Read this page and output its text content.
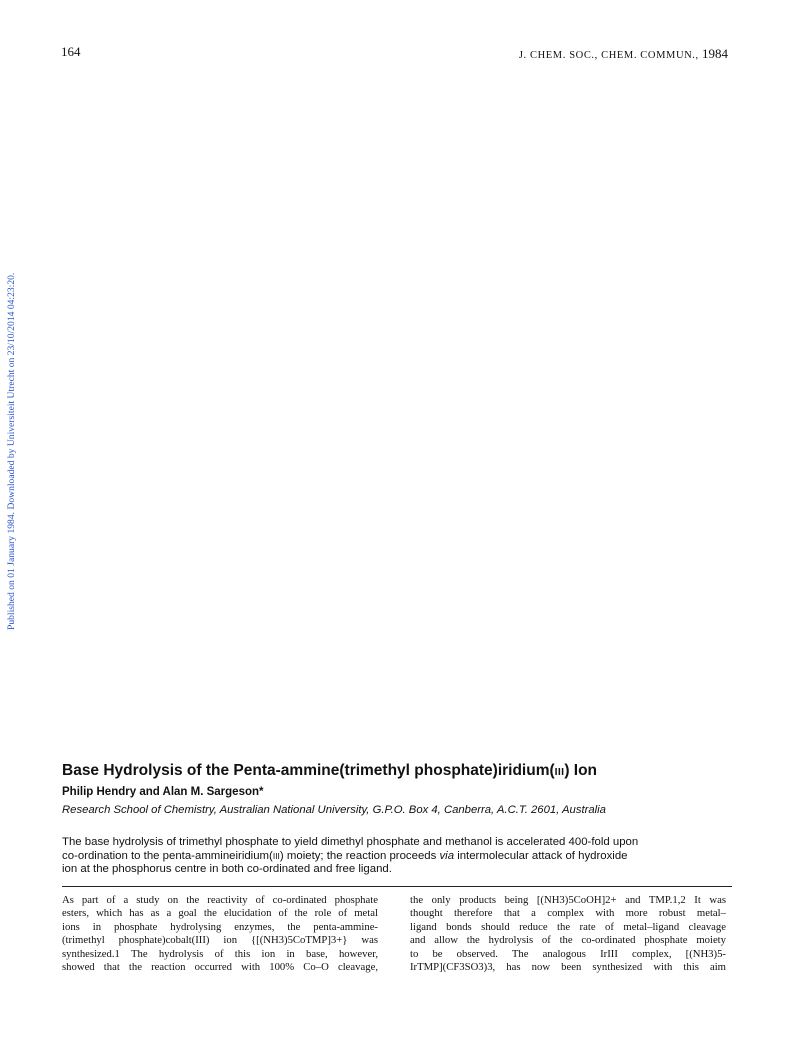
164	J. CHEM. SOC., CHEM. COMMUN., 1984
Published on 01 January 1984. Downloaded by Universiteit Utrecht on 23/10/2014 04:23:20.
Base Hydrolysis of the Penta-ammine(trimethyl phosphate)iridium(III) Ion
Philip Hendry and Alan M. Sargeson*
Research School of Chemistry, Australian National University, G.P.O. Box 4, Canberra, A.C.T. 2601, Australia
The base hydrolysis of trimethyl phosphate to yield dimethyl phosphate and methanol is accelerated 400-fold upon
co-ordination to the penta-ammineiridium(III) moiety; the reaction proceeds via intermolecular attack of hydroxide
ion at the phosphorus centre in both co-ordinated and free ligand.
As part of a study on the reactivity of co-ordinated phosphate
esters, which has as a goal the elucidation of the role of metal
ions in phosphate hydrolysing enzymes, the penta-ammine-
(trimethyl phosphate)cobalt(III) ion {[(NH3)5CoTMP]3+} was
synthesized.1 The hydrolysis of this ion in base, however,
showed that the reaction occurred with 100% Co–O cleavage,
the only products being [(NH3)5CoOH]2+ and TMP.1,2 It was
thought therefore that a complex with more robust metal–
ligand bonds should reduce the rate of metal–ligand cleavage
and allow the hydrolysis of the co-ordinated phosphate moiety
to be observed. The analogous IrIII complex, [(NH3)5-
IrTMP](CF3SO3)3, has now been synthesized with this aim
